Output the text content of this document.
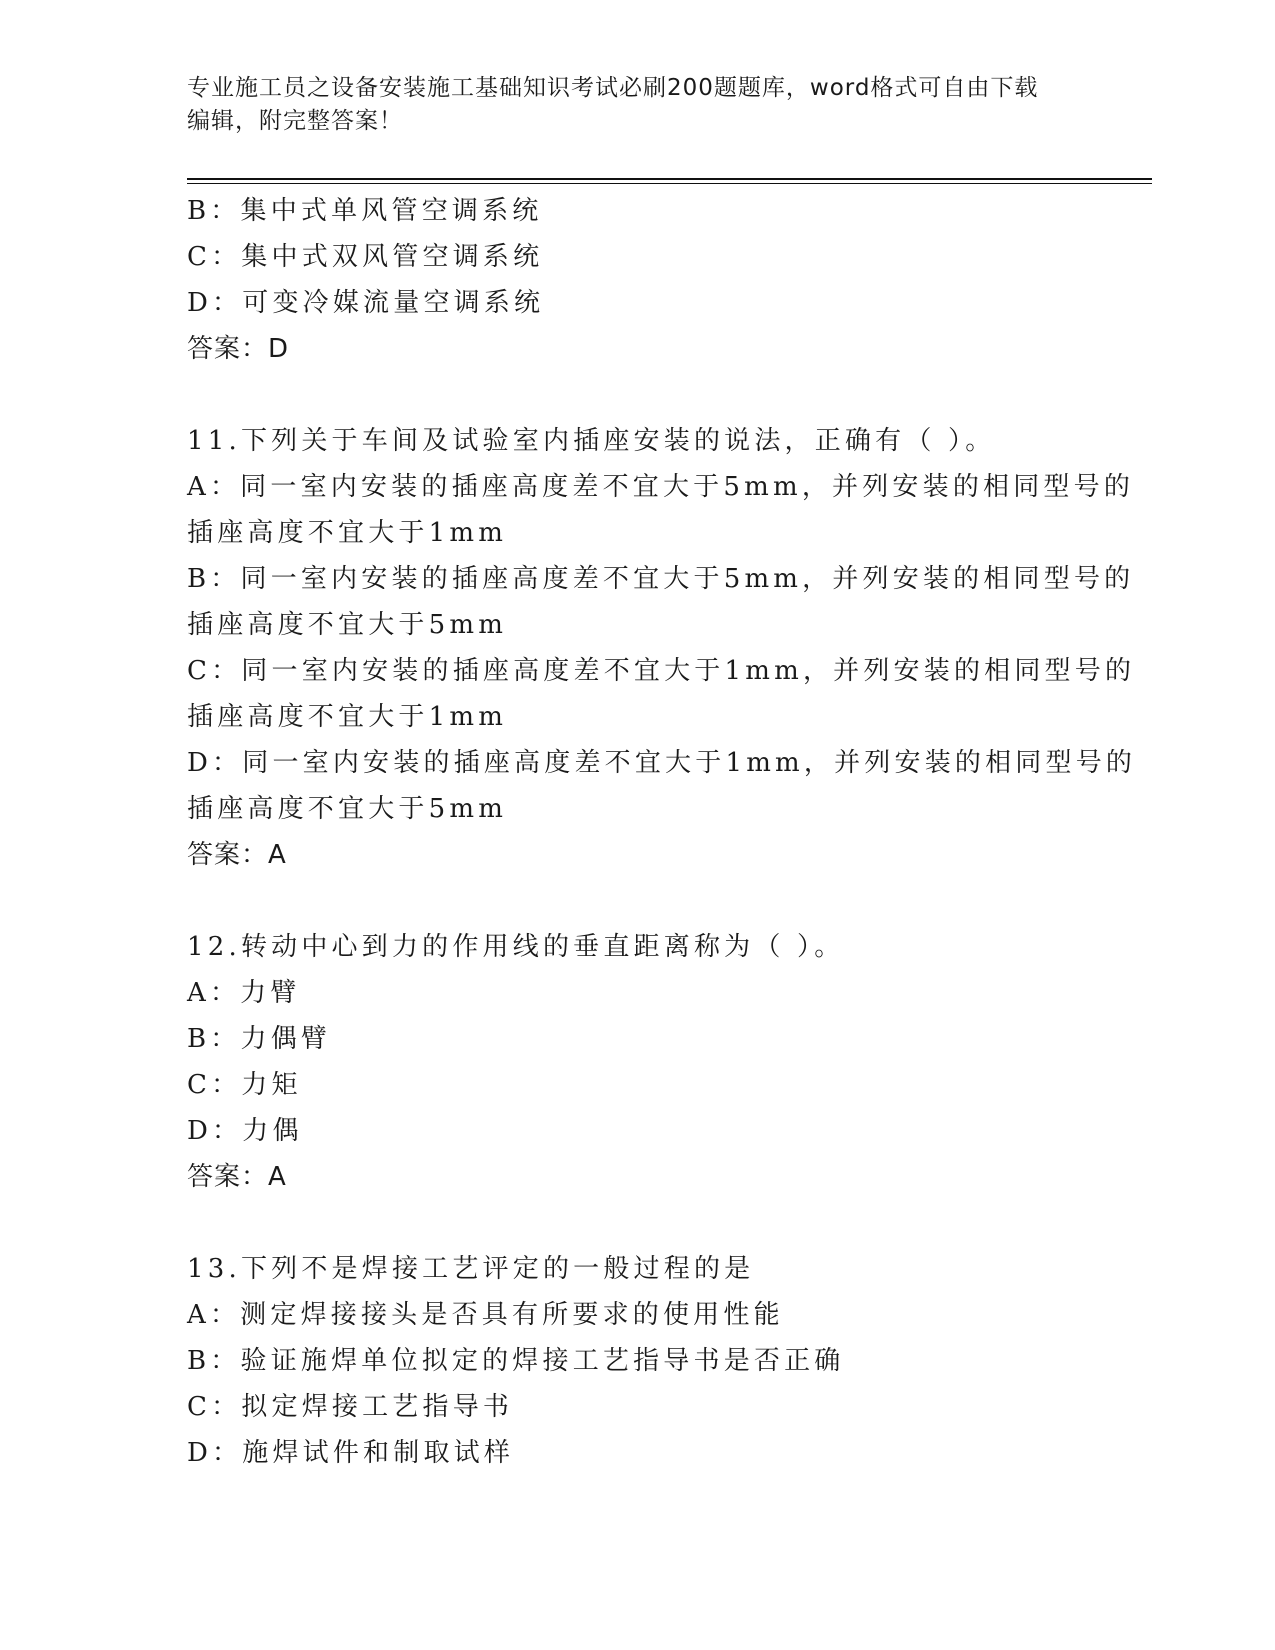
专业施工员之设备安装施工基础知识考试必刷200题题库，word格式可自由下载
编辑，附完整答案！
B：集中式单风管空调系统
C：集中式双风管空调系统
D：可变冷媒流量空调系统
答案：D
11.下列关于车间及试验室内插座安装的说法，正确有（ ）。
A：同一室内安装的插座高度差不宜大于5mm，并列安装的相同型号的
插座高度不宜大于1mm
B：同一室内安装的插座高度差不宜大于5mm，并列安装的相同型号的
插座高度不宜大于5mm
C：同一室内安装的插座高度差不宜大于1mm，并列安装的相同型号的
插座高度不宜大于1mm
D：同一室内安装的插座高度差不宜大于1mm，并列安装的相同型号的
插座高度不宜大于5mm
答案：A
12.转动中心到力的作用线的垂直距离称为（ ）。
A：力臂
B：力偶臂
C：力矩
D：力偶
答案：A
13.下列不是焊接工艺评定的一般过程的是
A：测定焊接接头是否具有所要求的使用性能
B：验证施焊单位拟定的焊接工艺指导书是否正确
C：拟定焊接工艺指导书
D：施焊试件和制取试样
